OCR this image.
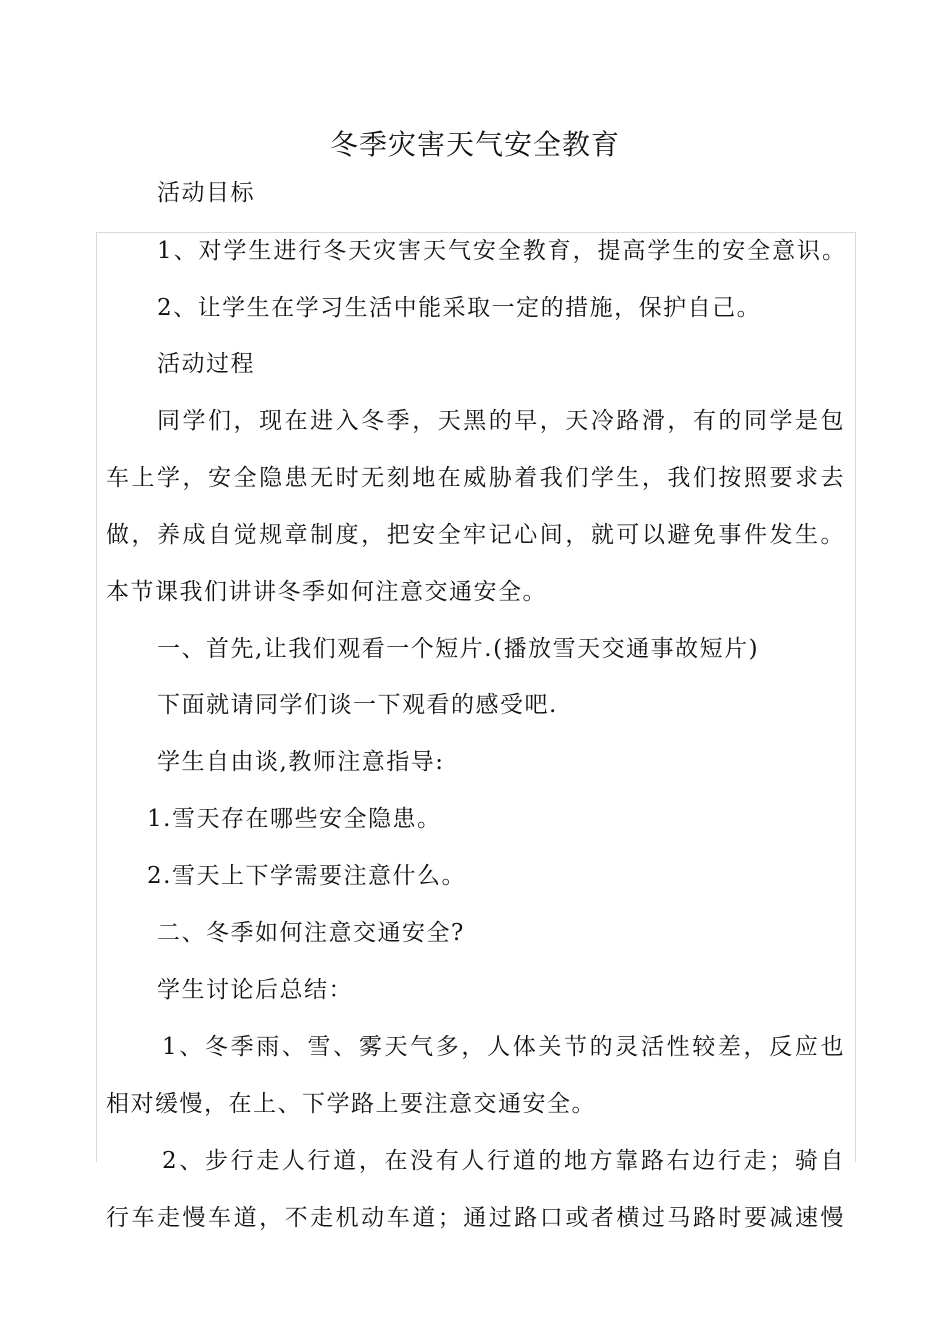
冬季灾害天气安全教育
活动目标
1、对学生进行冬天灾害天气安全教育，提高学生的安全意识。
2、让学生在学习生活中能采取一定的措施，保护自己。
活动过程
同学们，现在进入冬季，天黑的早，天冷路滑，有的同学是包
车上学，安全隐患无时无刻地在威胁着我们学生，我们按照要求去
做，养成自觉规章制度，把安全牢记心间，就可以避免事件发生。
本节课我们讲讲冬季如何注意交通安全。
一、首先,让我们观看一个短片.(播放雪天交通事故短片)
下面就请同学们谈一下观看的感受吧.
学生自由谈,教师注意指导:
1.雪天存在哪些安全隐患。
2.雪天上下学需要注意什么。
二、冬季如何注意交通安全?
学生讨论后总结：
1、冬季雨、雪、雾天气多，人体关节的灵活性较差，反应也
相对缓慢，在上、下学路上要注意交通安全。
2、步行走人行道，在没有人行道的地方靠路右边行走；骑自
行车走慢车道，不走机动车道；通过路口或者横过马路时要减速慢
